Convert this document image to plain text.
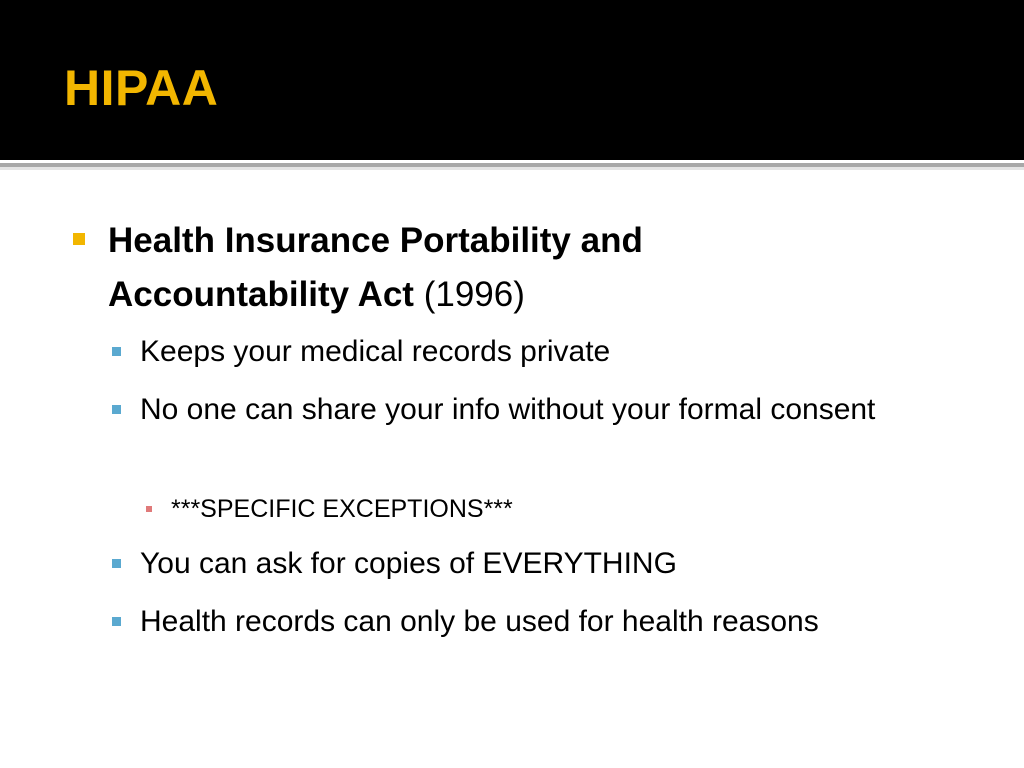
HIPAA
Health Insurance Portability and Accountability Act (1996)
Keeps your medical records private
No one can share your info without your formal consent
***SPECIFIC EXCEPTIONS***
You can ask for copies of EVERYTHING
Health records can only be used for health reasons
